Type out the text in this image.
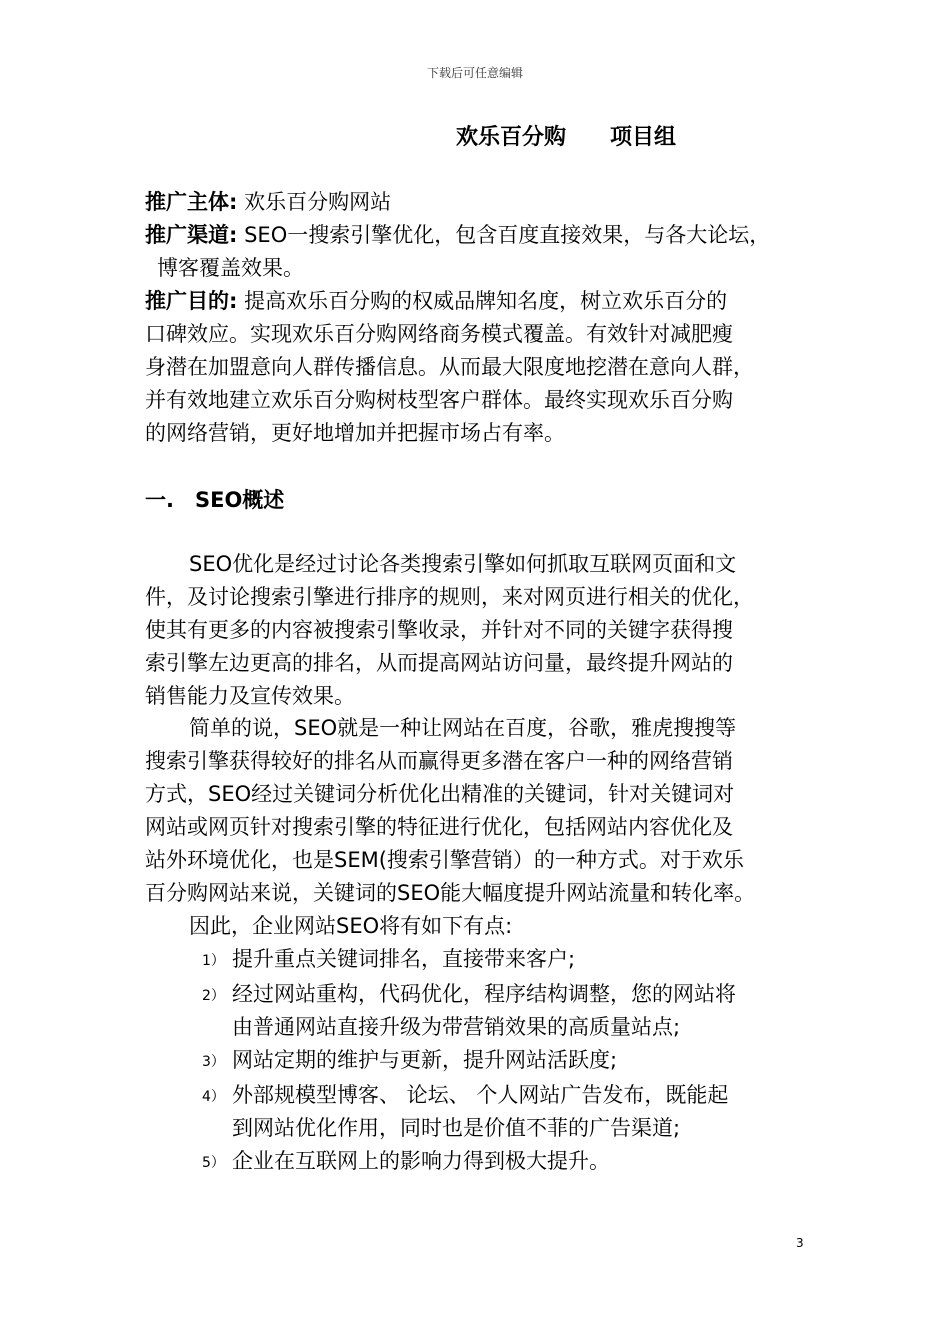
下载后可任意编辑
欢乐百分购　　项目组
推广主体: 欢乐百分购网站
推广渠道: SEO一搜索引擎优化，包含百度直接效果，与各大论坛，
博客覆盖效果。
推广目的: 提高欢乐百分购的权威品牌知名度，树立欢乐百分的
口碑效应。实现欢乐百分购网络商务模式覆盖。有效针对减肥瘦
身潜在加盟意向人群传播信息。从而最大限度地挖潜在意向人群，
并有效地建立欢乐百分购树枝型客户群体。最终实现欢乐百分购
的网络营销，更好地增加并把握市场占有率。
一.　SEO概述
SEO优化是经过讨论各类搜索引擎如何抓取互联网页面和文
件，及讨论搜索引擎进行排序的规则，来对网页进行相关的优化，
使其有更多的内容被搜索引擎收录，并针对不同的关键字获得搜
索引擎左边更高的排名，从而提高网站访问量，最终提升网站的
销售能力及宣传效果。
简单的说，SEO就是一种让网站在百度，谷歌，雅虎搜搜等
搜索引擎获得较好的排名从而赢得更多潜在客户一种的网络营销
方式，SEO经过关键词分析优化出精准的关键词，针对关键词对
网站或网页针对搜索引擎的特征进行优化，包括网站内容优化及
站外环境优化，也是SEM(搜索引擎营销）的一种方式。对于欢乐
百分购网站来说，关键词的SEO能大幅度提升网站流量和转化率。
因此，企业网站SEO将有如下有点:
1） 提升重点关键词排名，直接带来客户;
2） 经过网站重构，代码优化，程序结构调整，您的网站将
由普通网站直接升级为带营销效果的高质量站点;
3） 网站定期的维护与更新，提升网站活跃度;
4） 外部规模型博客、 论坛、 个人网站广告发布，既能起
到网站优化作用，同时也是价值不菲的广告渠道;
5） 企业在互联网上的影响力得到极大提升。
3
